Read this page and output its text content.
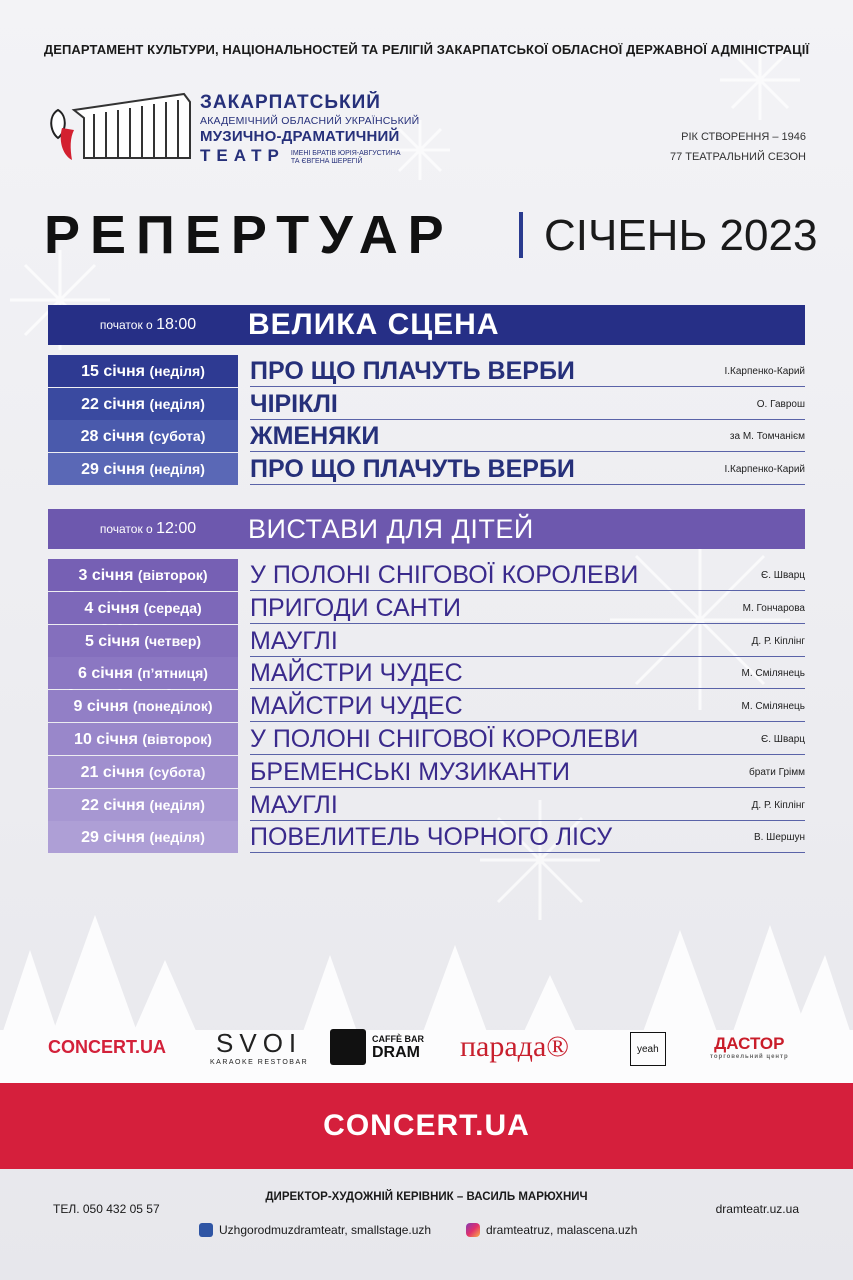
ДЕПАРТАМЕНТ КУЛЬТУРИ, НАЦІОНАЛЬНОСТЕЙ ТА РЕЛІГІЙ ЗАКАРПАТСЬКОЇ ОБЛАСНОЇ ДЕРЖАВНОЇ АДМІНІСТРАЦІЇ
ЗАКАРПАТСЬКИЙ
АКАДЕМІЧНИЙ ОБЛАСНИЙ УКРАЇНСЬКИЙ
МУЗИЧНО-ДРАМАТИЧНИЙ
ТЕАТР ІМЕНІ БРАТІВ ЮРІЯ-АВГУСТИНА
ТА ЄВГЕНА ШЕРЕГІЙ
РІК СТВОРЕННЯ – 1946
77 ТЕАТРАЛЬНИЙ СЕЗОН
РЕПЕРТУАР СІЧЕНЬ 2023
початок о 18:00	ВЕЛИКА СЦЕНА
15 січня (неділя)	ПРО ЩО ПЛАЧУТЬ ВЕРБИ	І.Карпенко-Карий
22 січня (неділя)	ЧІРІКЛІ	О. Гаврош
28 січня (субота)	ЖМЕНЯКИ	за М. Томчанієм
29 січня (неділя)	ПРО ЩО ПЛАЧУТЬ ВЕРБИ	І.Карпенко-Карий
початок о 12:00	ВИСТАВИ ДЛЯ ДІТЕЙ
3 січня (вівторок)	У ПОЛОНІ СНІГОВОЇ КОРОЛЕВИ	Є. Шварц
4 січня (середа)	ПРИГОДИ САНТИ	М. Гончарова
5 січня (четвер)	МАУГЛІ	Д. Р. Кіплінг
6 січня (п’ятниця)	МАЙСТРИ ЧУДЕС	М. Смілянець
9 січня (понеділок)	МАЙСТРИ ЧУДЕС	М. Смілянець
10 січня (вівторок)	У ПОЛОНІ СНІГОВОЇ КОРОЛЕВИ	Є. Шварц
21 січня (субота)	БРЕМЕНСЬКІ МУЗИКАНТИ	брати Грімм
22 січня (неділя)	МАУГЛІ	Д. Р. Кіплінг
29 січня (неділя)	ПОВЕЛИТЕЛЬ ЧОРНОГО ЛІСУ	В. Шершун
CONCERT.UA SVOI
KARAOKE RESTOBAR
CAFFÈ BAR
DRAM парада®	yeah	ДАСТОР
торговельний центр
CONCERT.UA
ДИРЕКТОР-ХУДОЖНІЙ КЕРІВНИК – ВАСИЛЬ МАРЮХНИЧ
ТЕЛ. 050 432 05 57	dramteatr.uz.ua
Uzhgorodmuzdramteatr, smallstage.uzh	dramteatruz, malascena.uzh
